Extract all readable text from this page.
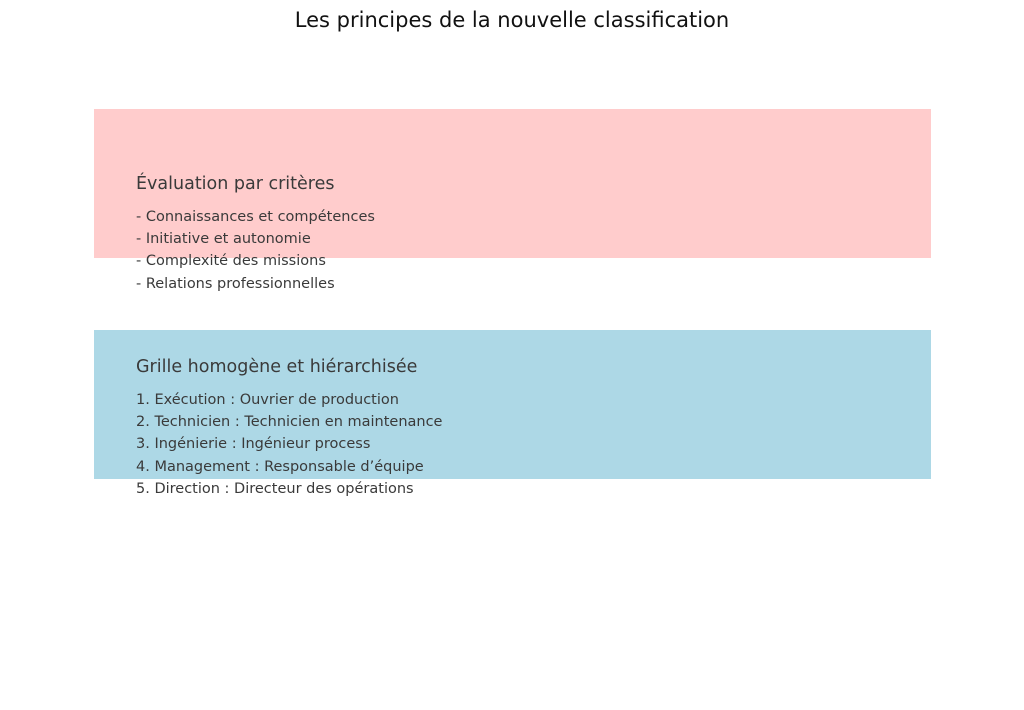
Les principes de la nouvelle classification
Évaluation par critères
- Connaissances et compétences
- Initiative et autonomie
- Complexité des missions
- Relations professionnelles
Grille homogène et hiérarchisée
1. Exécution : Ouvrier de production
2. Technicien : Technicien en maintenance
3. Ingénierie : Ingénieur process
4. Management : Responsable d’équipe
5. Direction : Directeur des opérations
